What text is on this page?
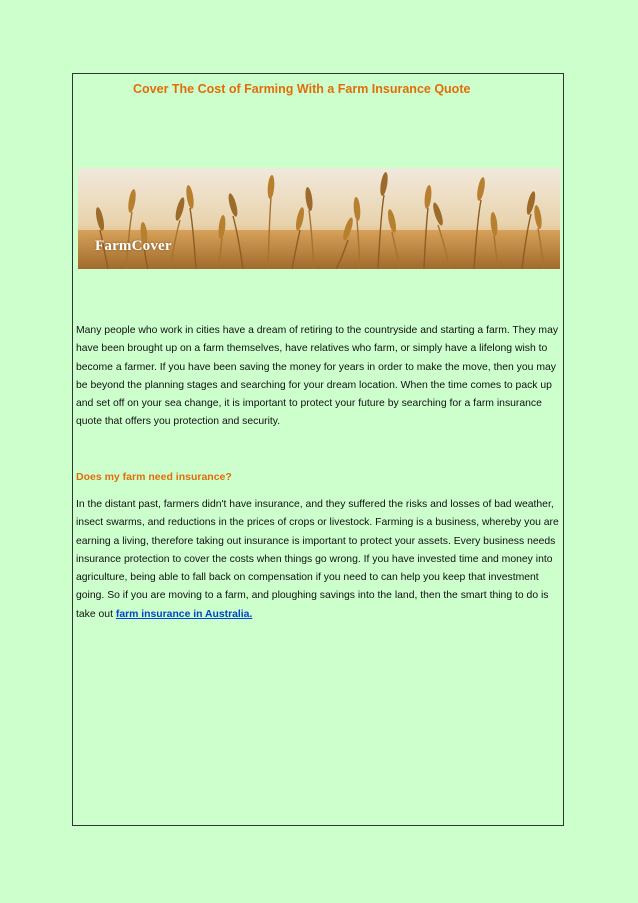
Cover The Cost of Farming With a Farm Insurance Quote
FarmCover

Many people who work in cities have a dream of retiring to the countryside and starting a farm. They may have been brought up on a farm themselves, have relatives who farm, or simply have a lifelong wish to become a farmer. If you have been saving the money for years in order to make the move, then you may be beyond the planning stages and searching for your dream location. When the time comes to pack up and set off on your sea change, it is important to protect your future by searching for a farm insurance quote that offers you protection and security.

Does my farm need insurance?

In the distant past, farmers didn't have insurance, and they suffered the risks and losses of bad weather, insect swarms, and reductions in the prices of crops or livestock. Farming is a business, whereby you are earning a living, therefore taking out insurance is important to protect your assets. Every business needs insurance protection to cover the costs when things go wrong. If you have invested time and money into agriculture, being able to fall back on compensation if you need to can help you keep that investment going. So if you are moving to a farm, and ploughing savings into the land, then the smart thing to do is take out farm insurance in Australia.
